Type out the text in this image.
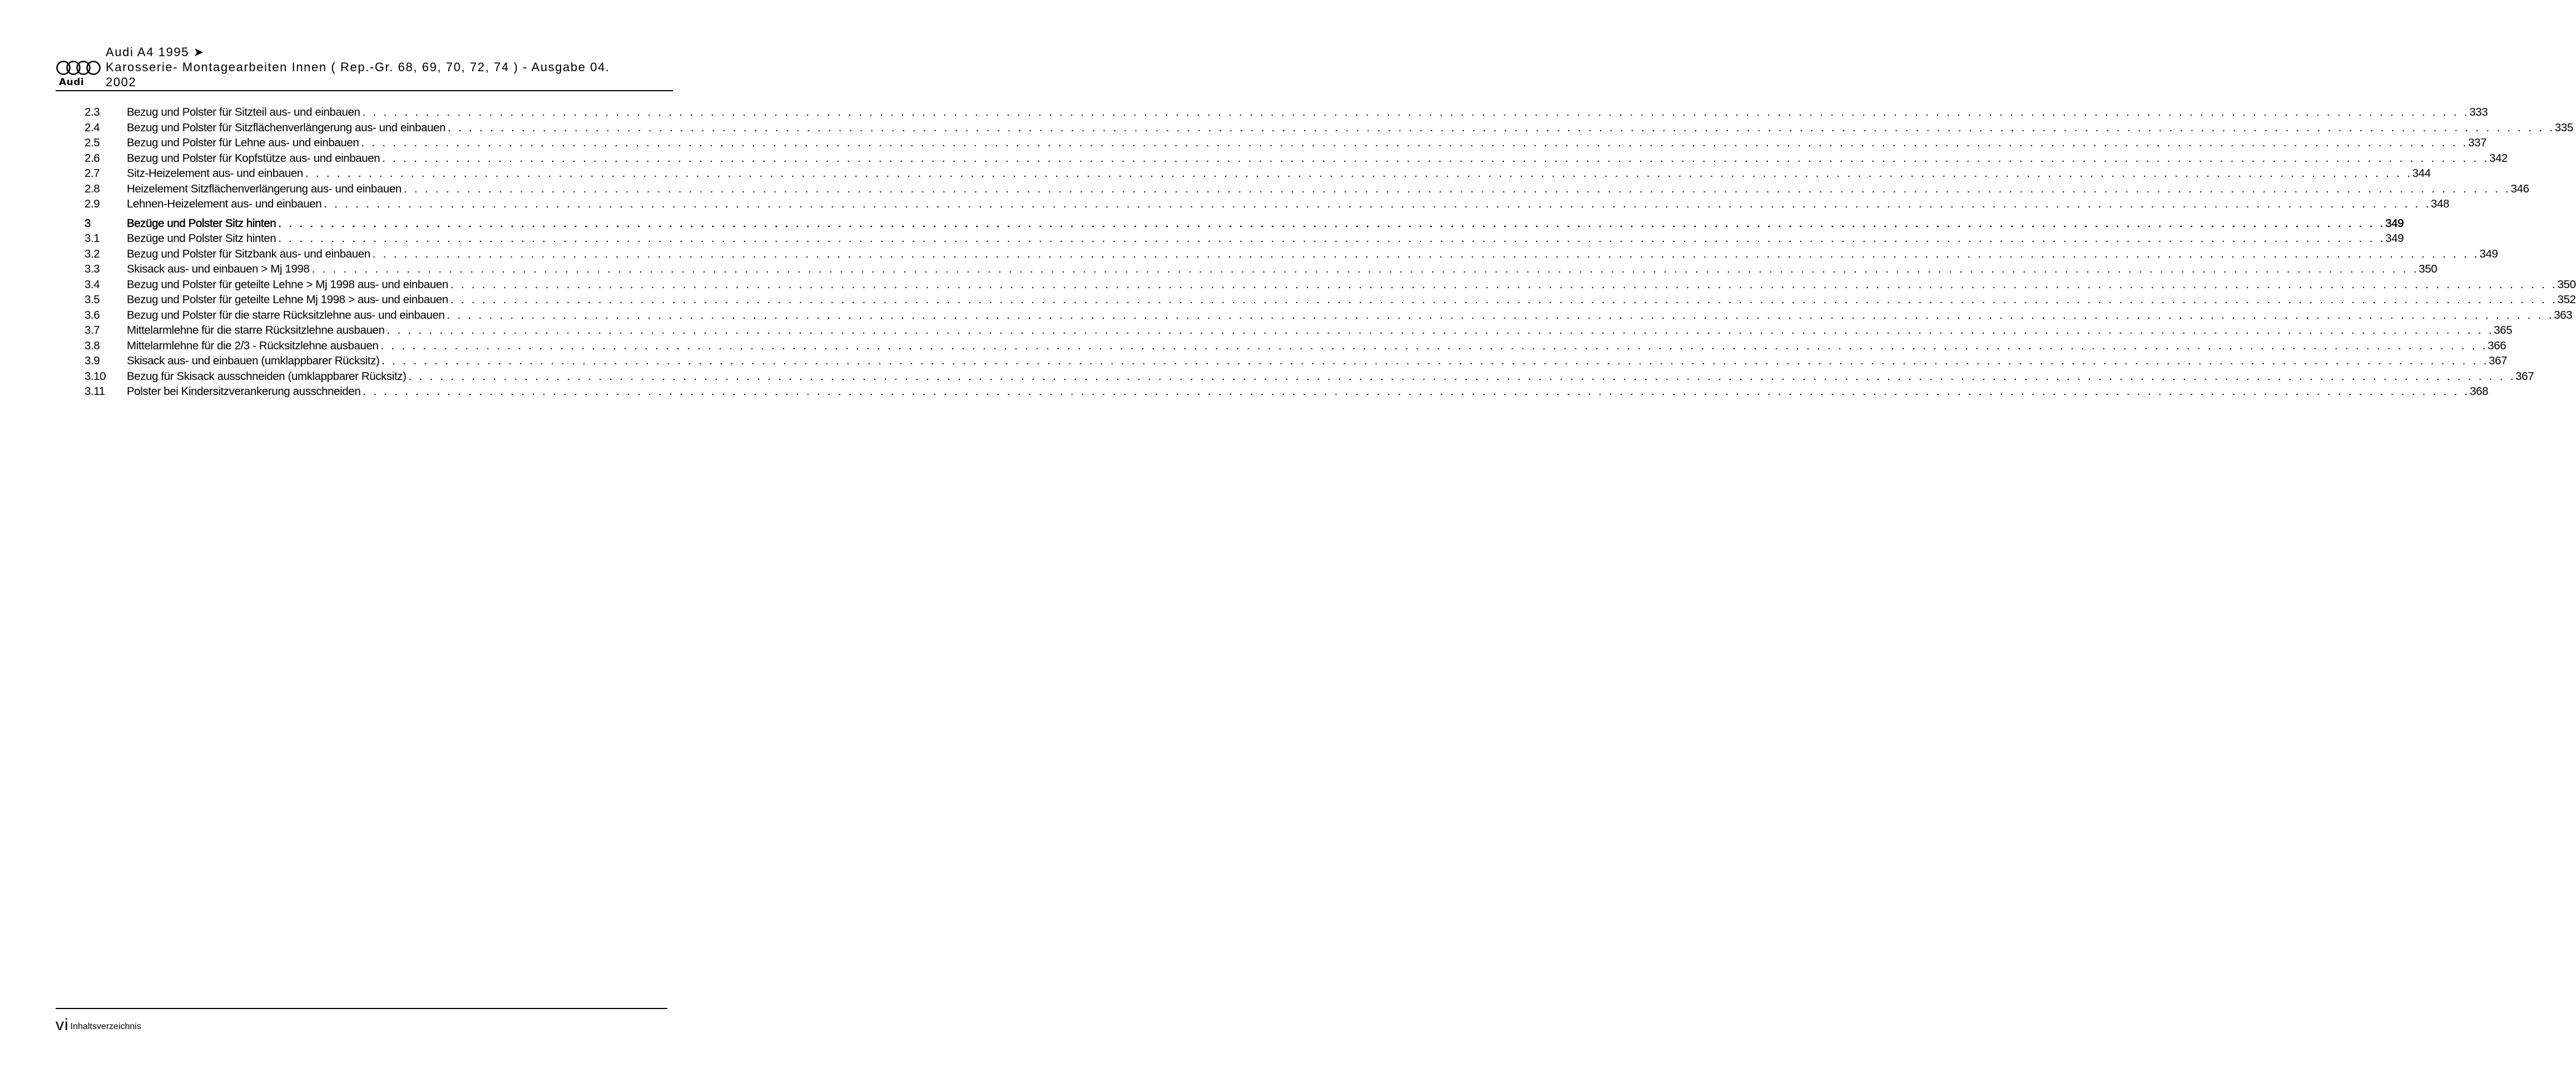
Audi
Audi A4 1995 ➤
Karosserie- Montagearbeiten Innen ( Rep.-Gr. 68, 69, 70, 72, 74 ) - Ausgabe 04.
2002
2.3 Bezug und Polster für Sitzteil aus- und einbauen . . . . . . . . . . . . . . . . . . . . . . . . . . . . . . . . . . . . . . . . . . . . . . . . . . . . . . . . . . . . . . . . . . . . . . . . . . . . . . . . . . . . . . . . . . . . . . . . . . . . . . . . . . . . . . . . . . . . . . . . . . . . . . . . . . . . . . . . . . . . . . . . . . . . . . . . . . . . . . . . . . . . . . . . . . . . . . . . . . . . . . . . . . . . . . . . . . . . . . . . 333
2.4 Bezug und Polster für Sitzflächenverlängerung aus- und einbauen . . . . . . . . . . . . . . . . . . . . . . . . . . . . . . . . . . . . . . . . . . . . . . . . . . . . . . . . . . . . . . . . . . . . . . . . . . . . . . . . . . . . . . . . . . . . . . . . . . . . . . . . . . . . . . . . . . . . . . . . . . . . . . . . . . . . . . . . . . . . . . . . . . . . . . . . . . . . . . . . . . . . . . . . . . . . . . . . . . . . . . . . . . . . . . . . . . . . . . . . 335
2.5 Bezug und Polster für Lehne aus- und einbauen . . . . . . . . . . . . . . . . . . . . . . . . . . . . . . . . . . . . . . . . . . . . . . . . . . . . . . . . . . . . . . . . . . . . . . . . . . . . . . . . . . . . . . . . . . . . . . . . . . . . . . . . . . . . . . . . . . . . . . . . . . . . . . . . . . . . . . . . . . . . . . . . . . . . . . . . . . . . . . . . . . . . . . . . . . . . . . . . . . . . . . . . . . . . . . . . . . . . . . . . 337
2.6 Bezug und Polster für Kopfstütze aus- und einbauen . . . . . . . . . . . . . . . . . . . . . . . . . . . . . . . . . . . . . . . . . . . . . . . . . . . . . . . . . . . . . . . . . . . . . . . . . . . . . . . . . . . . . . . . . . . . . . . . . . . . . . . . . . . . . . . . . . . . . . . . . . . . . . . . . . . . . . . . . . . . . . . . . . . . . . . . . . . . . . . . . . . . . . . . . . . . . . . . . . . . . . . . . . . . . . . . . . . . . . . . 342
2.7 Sitz-Heizelement aus- und einbauen . . . . . . . . . . . . . . . . . . . . . . . . . . . . . . . . . . . . . . . . . . . . . . . . . . . . . . . . . . . . . . . . . . . . . . . . . . . . . . . . . . . . . . . . . . . . . . . . . . . . . . . . . . . . . . . . . . . . . . . . . . . . . . . . . . . . . . . . . . . . . . . . . . . . . . . . . . . . . . . . . . . . . . . . . . . . . . . . . . . . . . . . . . . . . . . . . . . . . . . . 344
2.8 Heizelement Sitzflächenverlängerung aus- und einbauen . . . . . . . . . . . . . . . . . . . . . . . . . . . . . . . . . . . . . . . . . . . . . . . . . . . . . . . . . . . . . . . . . . . . . . . . . . . . . . . . . . . . . . . . . . . . . . . . . . . . . . . . . . . . . . . . . . . . . . . . . . . . . . . . . . . . . . . . . . . . . . . . . . . . . . . . . . . . . . . . . . . . . . . . . . . . . . . . . . . . . . . . . . . . . . . . . . . . . . . . 346
2.9 Lehnen-Heizelement aus- und einbauen . . . . . . . . . . . . . . . . . . . . . . . . . . . . . . . . . . . . . . . . . . . . . . . . . . . . . . . . . . . . . . . . . . . . . . . . . . . . . . . . . . . . . . . . . . . . . . . . . . . . . . . . . . . . . . . . . . . . . . . . . . . . . . . . . . . . . . . . . . . . . . . . . . . . . . . . . . . . . . . . . . . . . . . . . . . . . . . . . . . . . . . . . . . . . . . . . . . . . . . . 348
3	Bezüge und Polster Sitz hinten . . . . . . . . . . . . . . . . . . . . . . . . . . . . . . . . . . . . . . . . . . . . . . . . . . . . . . . . . . . . . . . . . . . . . . . . . . . . . . . . . . . . . . . . . . . . . . . . . . . . . . . . . . . . . . . . . . . . . . . . . . . . . . . . . . . . . . . . . . . . . . . . . . . . . . . . . . . . . . . . . . . . . . . . . . . . . . . . . . . . . . . . . . . . . . . . . . . . . . . . 349
3.1 Bezüge und Polster Sitz hinten . . . . . . . . . . . . . . . . . . . . . . . . . . . . . . . . . . . . . . . . . . . . . . . . . . . . . . . . . . . . . . . . . . . . . . . . . . . . . . . . . . . . . . . . . . . . . . . . . . . . . . . . . . . . . . . . . . . . . . . . . . . . . . . . . . . . . . . . . . . . . . . . . . . . . . . . . . . . . . . . . . . . . . . . . . . . . . . . . . . . . . . . . . . . . . . . . . . . . . . . 349
3.2 Bezug und Polster für Sitzbank aus- und einbauen . . . . . . . . . . . . . . . . . . . . . . . . . . . . . . . . . . . . . . . . . . . . . . . . . . . . . . . . . . . . . . . . . . . . . . . . . . . . . . . . . . . . . . . . . . . . . . . . . . . . . . . . . . . . . . . . . . . . . . . . . . . . . . . . . . . . . . . . . . . . . . . . . . . . . . . . . . . . . . . . . . . . . . . . . . . . . . . . . . . . . . . . . . . . . . . . . . . . . . . . 349
3.3 Skisack aus- und einbauen > Mj 1998 . . . . . . . . . . . . . . . . . . . . . . . . . . . . . . . . . . . . . . . . . . . . . . . . . . . . . . . . . . . . . . . . . . . . . . . . . . . . . . . . . . . . . . . . . . . . . . . . . . . . . . . . . . . . . . . . . . . . . . . . . . . . . . . . . . . . . . . . . . . . . . . . . . . . . . . . . . . . . . . . . . . . . . . . . . . . . . . . . . . . . . . . . . . . . . . . . . . . . . . . 350
3.4 Bezug und Polster für geteilte Lehne > Mj 1998 aus- und einbauen . . . . . . . . . . . . . . . . . . . . . . . . . . . . . . . . . . . . . . . . . . . . . . . . . . . . . . . . . . . . . . . . . . . . . . . . . . . . . . . . . . . . . . . . . . . . . . . . . . . . . . . . . . . . . . . . . . . . . . . . . . . . . . . . . . . . . . . . . . . . . . . . . . . . . . . . . . . . . . . . . . . . . . . . . . . . . . . . . . . . . . . . . . . . . . . . . . . . . . . . 350
3.5 Bezug und Polster für geteilte Lehne Mj 1998 > aus- und einbauen . . . . . . . . . . . . . . . . . . . . . . . . . . . . . . . . . . . . . . . . . . . . . . . . . . . . . . . . . . . . . . . . . . . . . . . . . . . . . . . . . . . . . . . . . . . . . . . . . . . . . . . . . . . . . . . . . . . . . . . . . . . . . . . . . . . . . . . . . . . . . . . . . . . . . . . . . . . . . . . . . . . . . . . . . . . . . . . . . . . . . . . . . . . . . . . . . . . . . . . . 352
3.6 Bezug und Polster für die starre Rücksitzlehne aus- und einbauen . . . . . . . . . . . . . . . . . . . . . . . . . . . . . . . . . . . . . . . . . . . . . . . . . . . . . . . . . . . . . . . . . . . . . . . . . . . . . . . . . . . . . . . . . . . . . . . . . . . . . . . . . . . . . . . . . . . . . . . . . . . . . . . . . . . . . . . . . . . . . . . . . . . . . . . . . . . . . . . . . . . . . . . . . . . . . . . . . . . . . . . . . . . . . . . . . . . . . . . . 363
3.7 Mittelarmlehne für die starre Rücksitzlehne ausbauen . . . . . . . . . . . . . . . . . . . . . . . . . . . . . . . . . . . . . . . . . . . . . . . . . . . . . . . . . . . . . . . . . . . . . . . . . . . . . . . . . . . . . . . . . . . . . . . . . . . . . . . . . . . . . . . . . . . . . . . . . . . . . . . . . . . . . . . . . . . . . . . . . . . . . . . . . . . . . . . . . . . . . . . . . . . . . . . . . . . . . . . . . . . . . . . . . . . . . . . . 365
3.8 Mittelarmlehne für die 2/3 - Rücksitzlehne ausbauen . . . . . . . . . . . . . . . . . . . . . . . . . . . . . . . . . . . . . . . . . . . . . . . . . . . . . . . . . . . . . . . . . . . . . . . . . . . . . . . . . . . . . . . . . . . . . . . . . . . . . . . . . . . . . . . . . . . . . . . . . . . . . . . . . . . . . . . . . . . . . . . . . . . . . . . . . . . . . . . . . . . . . . . . . . . . . . . . . . . . . . . . . . . . . . . . . . . . . . . . 366
3.9 Skisack aus- und einbauen (umklappbarer Rücksitz) . . . . . . . . . . . . . . . . . . . . . . . . . . . . . . . . . . . . . . . . . . . . . . . . . . . . . . . . . . . . . . . . . . . . . . . . . . . . . . . . . . . . . . . . . . . . . . . . . . . . . . . . . . . . . . . . . . . . . . . . . . . . . . . . . . . . . . . . . . . . . . . . . . . . . . . . . . . . . . . . . . . . . . . . . . . . . . . . . . . . . . . . . . . . . . . . . . . . . . . . 367
3.10 Bezug für Skisack ausschneiden (umklappbarer Rücksitz) . . . . . . . . . . . . . . . . . . . . . . . . . . . . . . . . . . . . . . . . . . . . . . . . . . . . . . . . . . . . . . . . . . . . . . . . . . . . . . . . . . . . . . . . . . . . . . . . . . . . . . . . . . . . . . . . . . . . . . . . . . . . . . . . . . . . . . . . . . . . . . . . . . . . . . . . . . . . . . . . . . . . . . . . . . . . . . . . . . . . . . . . . . . . . . . . . . . . . . . . 367
3.11 Polster bei Kindersitzverankerung ausschneiden . . . . . . . . . . . . . . . . . . . . . . . . . . . . . . . . . . . . . . . . . . . . . . . . . . . . . . . . . . . . . . . . . . . . . . . . . . . . . . . . . . . . . . . . . . . . . . . . . . . . . . . . . . . . . . . . . . . . . . . . . . . . . . . . . . . . . . . . . . . . . . . . . . . . . . . . . . . . . . . . . . . . . . . . . . . . . . . . . . . . . . . . . . . . . . . . . . . . . . . . 368
vi Inhaltsverzeichnis
